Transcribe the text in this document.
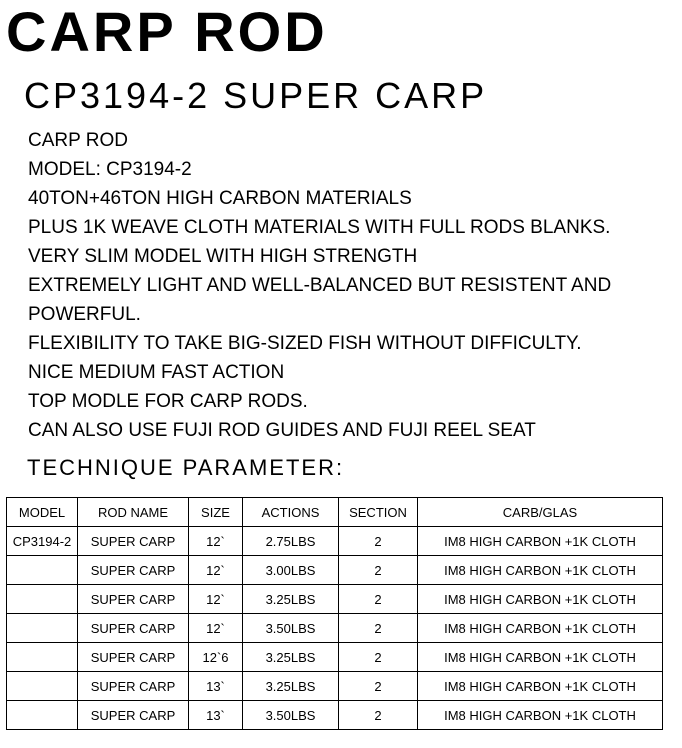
CARP ROD
CP3194-2 SUPER CARP
CARP ROD
MODEL: CP3194-2
40TON+46TON HIGH CARBON MATERIALS
PLUS 1K WEAVE CLOTH MATERIALS WITH FULL RODS BLANKS.
VERY SLIM MODEL WITH HIGH STRENGTH
EXTREMELY LIGHT AND WELL-BALANCED BUT RESISTENT AND
POWERFUL.
FLEXIBILITY TO TAKE BIG-SIZED FISH WITHOUT DIFFICULTY.
NICE MEDIUM FAST ACTION
TOP MODLE FOR CARP RODS.
CAN ALSO USE FUJI ROD GUIDES AND FUJI REEL SEAT
TECHNIQUE PARAMETER:
MODEL	ROD NAME	SIZE	ACTIONS	SECTION	CARB/GLAS
CP3194-2	SUPER CARP	12`	2.75LBS	2	IM8 HIGH CARBON +1K CLOTH
	SUPER CARP	12`	3.00LBS	2	IM8 HIGH CARBON +1K CLOTH
	SUPER CARP	12`	3.25LBS	2	IM8 HIGH CARBON +1K CLOTH
	SUPER CARP	12`	3.50LBS	2	IM8 HIGH CARBON +1K CLOTH
	SUPER CARP	12`6	3.25LBS	2	IM8 HIGH CARBON +1K CLOTH
	SUPER CARP	13`	3.25LBS	2	IM8 HIGH CARBON +1K CLOTH
	SUPER CARP	13`	3.50LBS	2	IM8 HIGH CARBON +1K CLOTH
